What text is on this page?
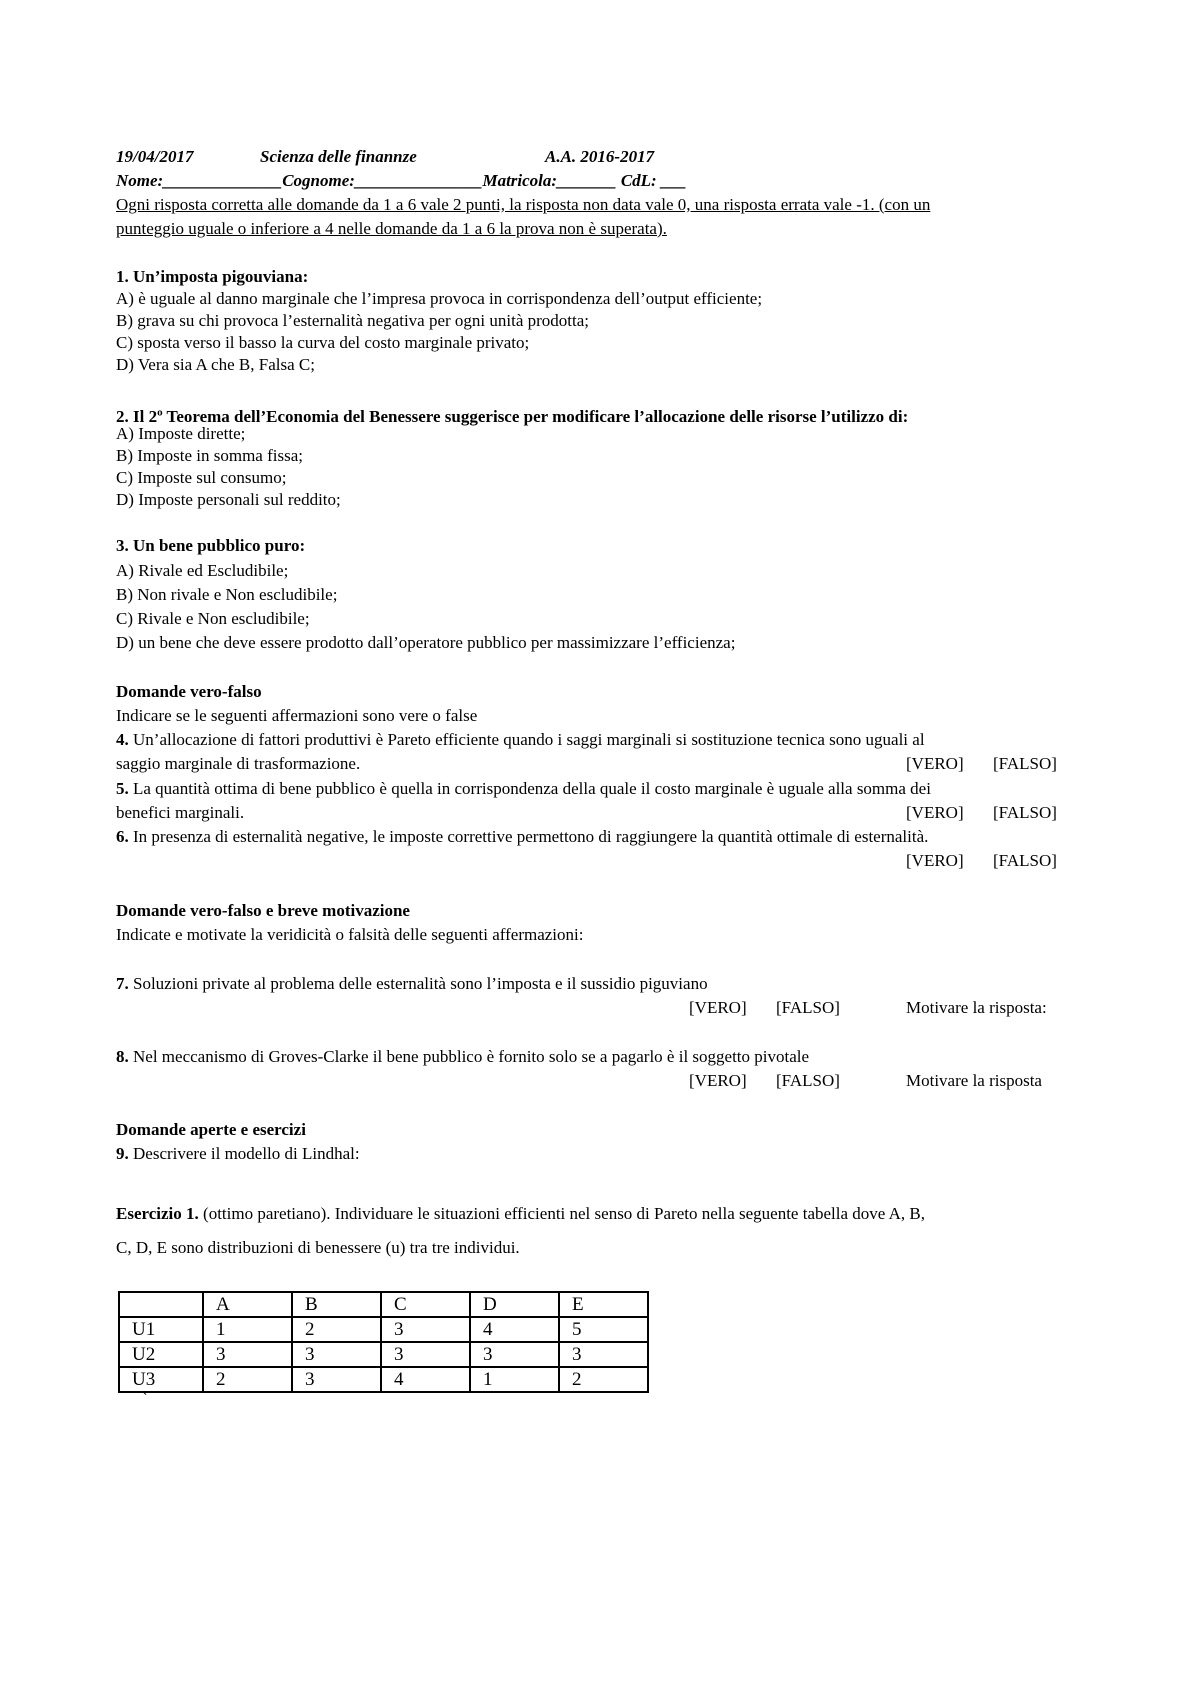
19/04/2017	Scienza delle finannze	A.A. 2016-2017
Nome:______________Cognome:_______________Matricola:_______ CdL: ___
Ogni risposta corretta alle domande da 1 a 6 vale 2 punti, la risposta non data vale 0, una risposta errata vale -1. (con un
punteggio uguale o inferiore a 4 nelle domande da 1 a 6 la prova non è superata).
1. Un’imposta pigouviana:
A) è uguale al danno marginale che l’impresa provoca in corrispondenza dell’output efficiente;
B) grava su chi provoca l’esternalità negativa per ogni unità prodotta;
C) sposta verso il basso la curva del costo marginale privato;
D) Vera sia A che B, Falsa C;
2. Il 2$^o$ Teorema dell’Economia del Benessere suggerisce per modificare l’allocazione delle risorse l’utilizzo di:
A) Imposte dirette;
B) Imposte in somma fissa;
C) Imposte sul consumo;
D) Imposte personali sul reddito;
3. Un bene pubblico puro:
A) Rivale ed Escludibile;
B) Non rivale e Non escludibile;
C) Rivale e Non escludibile;
D) un bene che deve essere prodotto dall’operatore pubblico per massimizzare l’efficienza;
Domande vero-falso
Indicare se le seguenti affermazioni sono vere o false
4. Un’allocazione di fattori produttivi è Pareto efficiente quando i saggi marginali si sostituzione tecnica sono uguali al
saggio marginale di trasformazione.	[VERO] [FALSO]
5. La quantità ottima di bene pubblico è quella in corrispondenza della quale il costo marginale è uguale alla somma dei
benefici marginali.	[VERO] [FALSO]
6. In presenza di esternalità negative, le imposte correttive permettono di raggiungere la quantità ottimale di esternalità.
[VERO] [FALSO]
Domande vero-falso e breve motivazione
Indicate e motivate la veridicità o falsità delle seguenti affermazioni:
7. Soluzioni private al problema delle esternalità sono l’imposta e il sussidio piguviano
[VERO] [FALSO]	Motivare la risposta:
8. Nel meccanismo di Groves-Clarke il bene pubblico è fornito solo se a pagarlo è il soggetto pivotale
[VERO] [FALSO]	Motivare la risposta
Domande aperte e esercizi
9. Descrivere il modello di Lindhal:
Esercizio 1. (ottimo paretiano). Individuare le situazioni efficienti nel senso di Pareto nella seguente tabella dove A, B,
C, D, E sono distribuzioni di benessere (u) tra tre individui.
	A	B	C	D	E
U1	1	2	3	4	5
U2	3	3	3	3	3
U3	2	3	4	1	2
`
